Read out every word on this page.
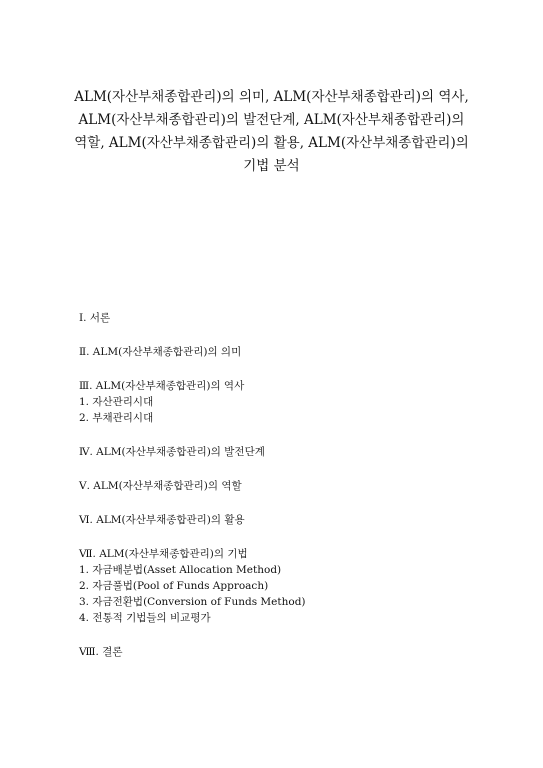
ALM(자산부채종합관리)의 의미, ALM(자산부채종합관리)의 역사,
ALM(자산부채종합관리)의 발전단계, ALM(자산부채종합관리)의
역할, ALM(자산부채종합관리)의 활용, ALM(자산부채종합관리)의
기법 분석
Ⅰ. 서론
Ⅱ. ALM(자산부채종합관리)의 의미
Ⅲ. ALM(자산부채종합관리)의 역사
1. 자산관리시대
2. 부채관리시대
Ⅳ. ALM(자산부채종합관리)의 발전단계
Ⅴ. ALM(자산부채종합관리)의 역할
Ⅵ. ALM(자산부채종합관리)의 활용
Ⅶ. ALM(자산부채종합관리)의 기법
1. 자금배분법(Asset Allocation Method)
2. 자금풀법(Pool of Funds Approach)
3. 자금전환법(Conversion of Funds Method)
4. 전통적 기법들의 비교평가
Ⅷ. 결론
